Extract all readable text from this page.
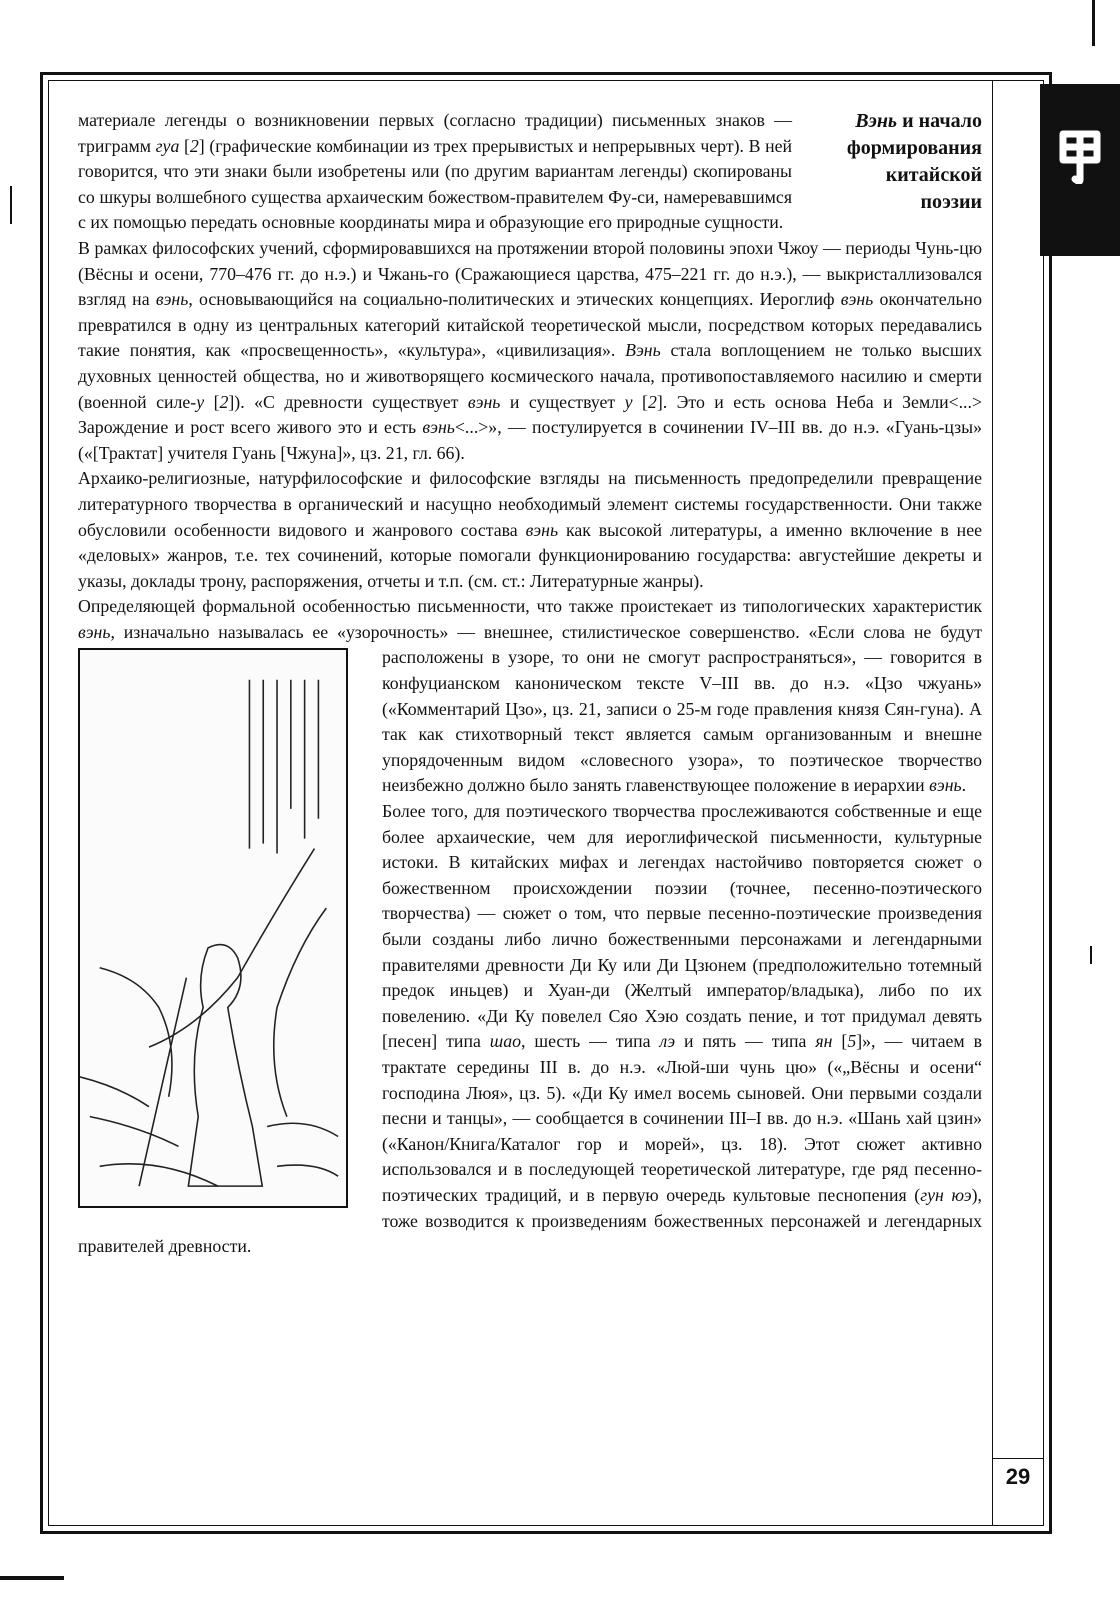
29
Вэнь и начало
формирования
китайской
поэзии

материале легенды о возникновении первых (согласно традиции) письменных знаков — триграмм гуа [2] (графические комбинации из трех прерывистых и непрерывных черт). В ней говорится, что эти знаки были изобретены или (по другим вариантам легенды) скопированы со шкуры волшебного существа архаическим божеством-правителем Фу-си, намеревавшимся с их помощью передать основные координаты мира и образующие его природные сущности.

В рамках философских учений, сформировавшихся на протяжении второй половины эпохи Чжоу — периоды Чунь-цю (Вёсны и осени, 770–476 гг. до н.э.) и Чжань-го (Сражающиеся царства, 475–221 гг. до н.э.), — выкристаллизовался взгляд на вэнь, основывающийся на социально-политических и этических концепциях. Иероглиф вэнь окончательно превратился в одну из центральных категорий китайской теоретической мысли, посредством которых передавались такие понятия, как «просвещенность», «культура», «цивилизация». Вэнь стала воплощением не только высших духовных ценностей общества, но и животворящего космического начала, противопоставляемого насилию и смерти (военной силе-у [2]). «С древности существует вэнь и существует у [2]. Это и есть основа Неба и Земли<...> Зарождение и рост всего живого это и есть вэнь<...>», — постулируется в сочинении IV–III вв. до н.э. «Гуань-цзы» («[Трактат] учителя Гуань [Чжуна]», цз. 21, гл. 66).

Архаико-религиозные, натурфилософские и философские взгляды на письменность предопределили превращение литературного творчества в органический и насущно необходимый элемент системы государственности. Они также обусловили особенности видового и жанрового состава вэнь как высокой литературы, а именно включение в нее «деловых» жанров, т.е. тех сочинений, которые помогали функционированию государства: августейшие декреты и указы, доклады трону, распоряжения, отчеты и т.п. (см. ст.: Литературные жанры).

Определяющей формальной особенностью письменности, что также проистекает из типологических характеристик вэнь
, изначально называлась ее «узорочность» — внешнее, стилистическое совершенство. «Если слова не будут расположены в узоре, то они не смогут распространяться», — говорится в конфуцианском каноническом тексте V–III вв. до н.э. «Цзо чжуань» («Комментарий Цзо», цз. 21, записи о 25-м годе правления князя Сян-гуна). А так как стихотворный текст является самым организованным и внешне упорядоченным видом «словесного узора», то поэтическое творчество неизбежно должно было занять главенствующее положение в иерархии вэнь.

Более того, для поэтического творчества прослеживаются собственные и еще более архаические, чем для иероглифической письменности, культурные истоки. В китайских мифах и легендах настойчиво повторяется сюжет о божественном происхождении поэзии (точнее, песенно-поэтического творчества) — сюжет о том, что первые песенно-поэтические произведения были созданы либо лично божественными персонажами и легендарными правителями древности Ди Ку или Ди Цзюнем (предположительно тотемный предок иньцев) и Хуан-ди (Желтый император/владыка), либо по их повелению. «Ди Ку повелел Сяо Хэю создать пение, и тот придумал девять [песен] типа шао, шесть — типа лэ и пять — типа ян [5]», — читаем в трактате середины III в. до н.э. «Люй-ши чунь цю» («„Вёсны и осени“ господина Люя», цз. 5). «Ди Ку имел восемь сыновей. Они первыми создали песни и танцы», — сообщается в сочинении III–I вв. до н.э. «Шань хай цзин» («Канон/Книга/Каталог гор и морей», цз. 18). Этот сюжет активно использовался и в последующей теоретической литературе, где ряд песенно-поэтических традиций, и в первую очередь культовые песнопения (гун юэ), тоже возводится к произведениям божественных персонажей и легендарных правителей древности.
